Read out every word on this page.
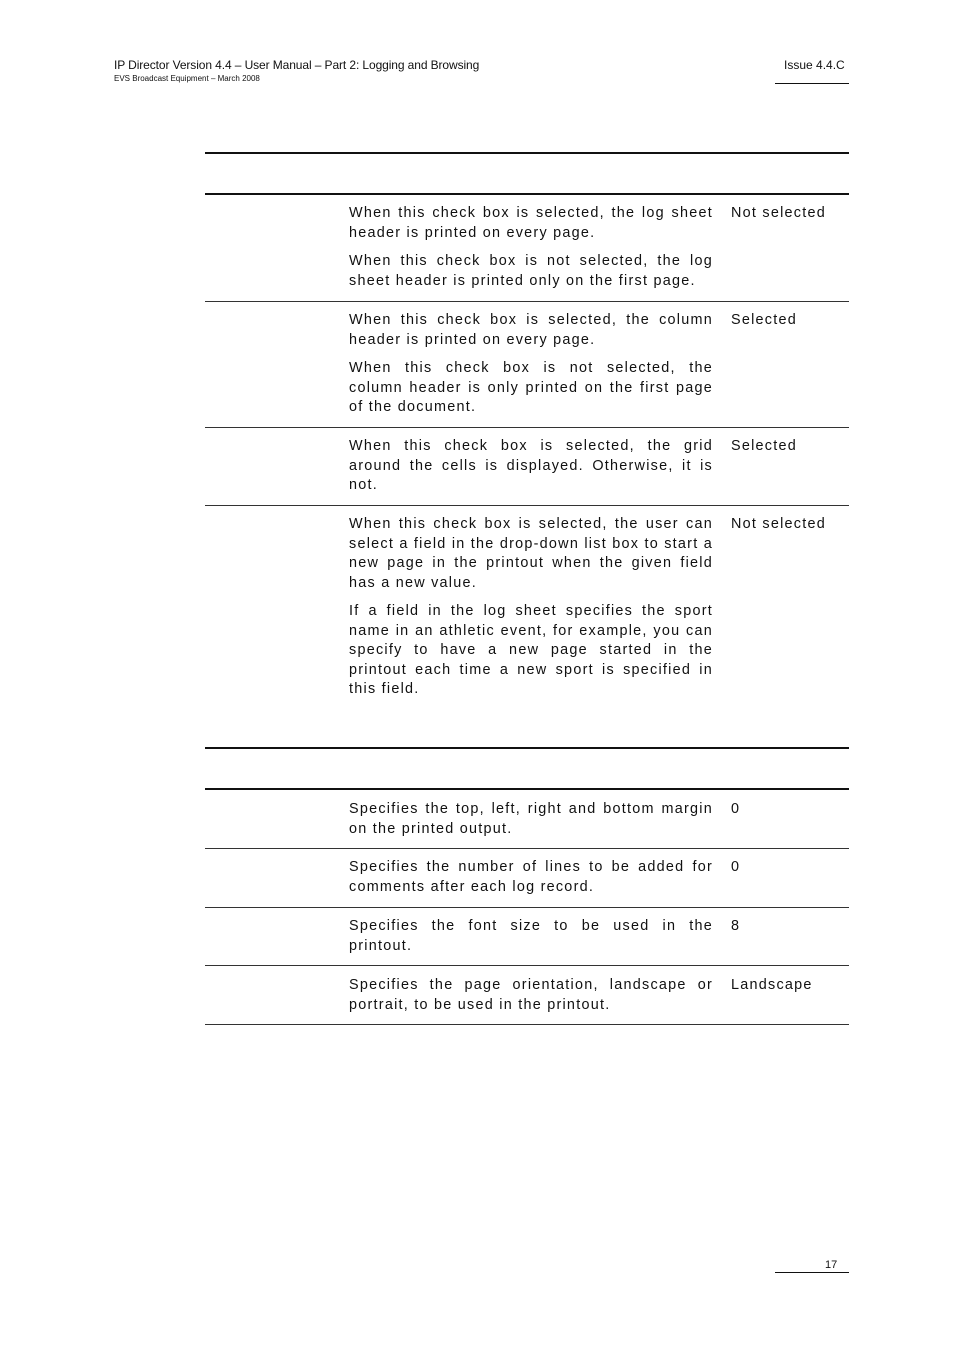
IP Director Version 4.4 – User Manual – Part 2: Logging and Browsing
EVS Broadcast Equipment – March 2008
Issue 4.4.C

When this check box is selected, the log sheet header is printed on every page.

When this check box is not selected, the log sheet header is printed only on the first page.

Not selected

When this check box is selected, the column header is printed on every page.

When this check box is not selected, the column header is only printed on the first page of the document.

Selected

When this check box is selected, the grid around the cells is displayed. Otherwise, it is not.

Selected

When this check box is selected, the user can select a field in the drop-down list box to start a new page in the printout when the given field has a new value.

If a field in the log sheet specifies the sport name in an athletic event, for example, you can specify to have a new page started in the printout each time a new sport is specified in this field.

Not selected

Specifies the top, left, right and bottom margin on the printed output.

0

Specifies the number of lines to be added for comments after each log record.

0

Specifies the font size to be used in the printout.

8

Specifies the page orientation, landscape or portrait, to be used in the printout.

Landscape
17
